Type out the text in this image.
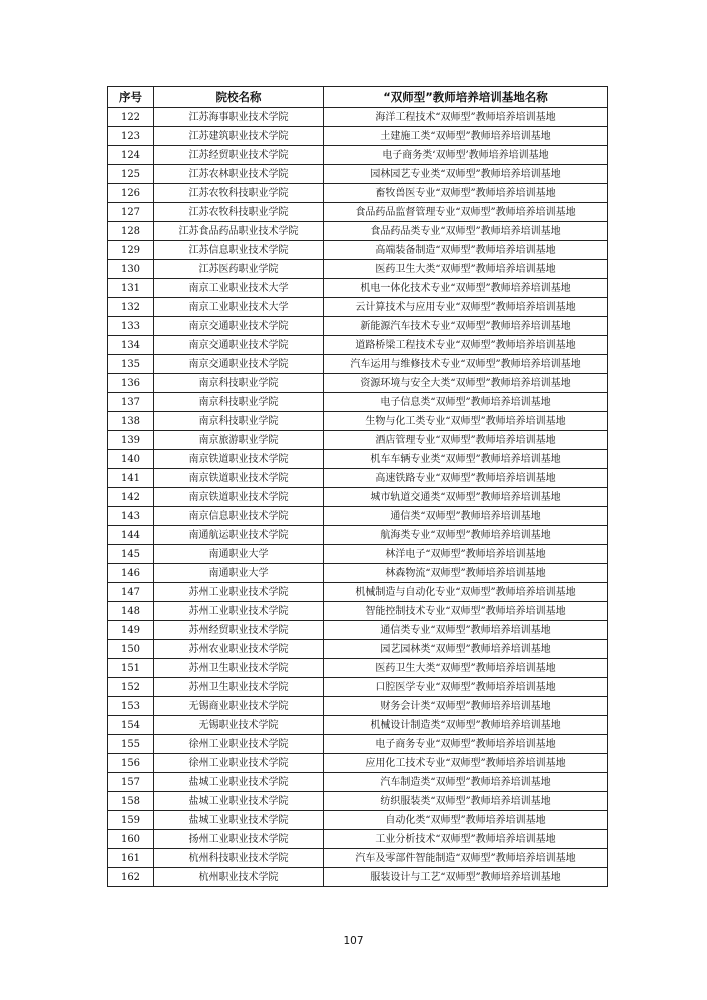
序号	院校名称	“双师型”教师培养培训基地名称
122	江苏海事职业技术学院	海洋工程技术“双师型”教师培养培训基地
123	江苏建筑职业技术学院	土建施工类“双师型”教师培养培训基地
124	江苏经贸职业技术学院	电子商务类‘双师型’教师培养培训基地
125	江苏农林职业技术学院	园林园艺专业类“双师型”教师培养培训基地
126	江苏农牧科技职业学院	畜牧兽医专业“双师型”教师培养培训基地
127	江苏农牧科技职业学院	食品药品监督管理专业“双师型”教师培养培训基地
128	江苏食品药品职业技术学院	食品药品类专业“双师型”教师培养培训基地
129	江苏信息职业技术学院	高端装备制造“双师型”教师培养培训基地
130	江苏医药职业学院	医药卫生大类“双师型”教师培养培训基地
131	南京工业职业技术大学	机电一体化技术专业“双师型”教师培养培训基地
132	南京工业职业技术大学	云计算技术与应用专业“双师型”教师培养培训基地
133	南京交通职业技术学院	新能源汽车技术专业“双师型”教师培养培训基地
134	南京交通职业技术学院	道路桥梁工程技术专业“双师型”教师培养培训基地
135	南京交通职业技术学院	汽车运用与维修技术专业“双师型”教师培养培训基地
136	南京科技职业学院	资源环境与安全大类“双师型”教师培养培训基地
137	南京科技职业学院	电子信息类“双师型”教师培养培训基地
138	南京科技职业学院	生物与化工类专业“双师型”教师培养培训基地
139	南京旅游职业学院	酒店管理专业“双师型”教师培养培训基地
140	南京铁道职业技术学院	机车车辆专业类“双师型”教师培养培训基地
141	南京铁道职业技术学院	高速铁路专业“双师型”教师培养培训基地
142	南京铁道职业技术学院	城市轨道交通类“双师型”教师培养培训基地
143	南京信息职业技术学院	通信类“双师型”教师培养培训基地
144	南通航运职业技术学院	航海类专业“双师型”教师培养培训基地
145	南通职业大学	林洋电子“双师型”教师培养培训基地
146	南通职业大学	林森物流“双师型”教师培养培训基地
147	苏州工业职业技术学院	机械制造与自动化专业“双师型”教师培养培训基地
148	苏州工业职业技术学院	智能控制技术专业“双师型”教师培养培训基地
149	苏州经贸职业技术学院	通信类专业“双师型”教师培养培训基地
150	苏州农业职业技术学院	园艺园林类“双师型”教师培养培训基地
151	苏州卫生职业技术学院	医药卫生大类“双师型”教师培养培训基地
152	苏州卫生职业技术学院	口腔医学专业“双师型”教师培养培训基地
153	无锡商业职业技术学院	财务会计类“双师型”教师培养培训基地
154	无锡职业技术学院	机械设计制造类“双师型”教师培养培训基地
155	徐州工业职业技术学院	电子商务专业“双师型”教师培养培训基地
156	徐州工业职业技术学院	应用化工技术专业“双师型”教师培养培训基地
157	盐城工业职业技术学院	汽车制造类“双师型”教师培养培训基地
158	盐城工业职业技术学院	纺织服装类“双师型”教师培养培训基地
159	盐城工业职业技术学院	自动化类“双师型”教师培养培训基地
160	扬州工业职业技术学院	工业分析技术“双师型”教师培养培训基地
161	杭州科技职业技术学院	汽车及零部件智能制造“双师型”教师培养培训基地
162	杭州职业技术学院	服装设计与工艺“双师型”教师培养培训基地
107
